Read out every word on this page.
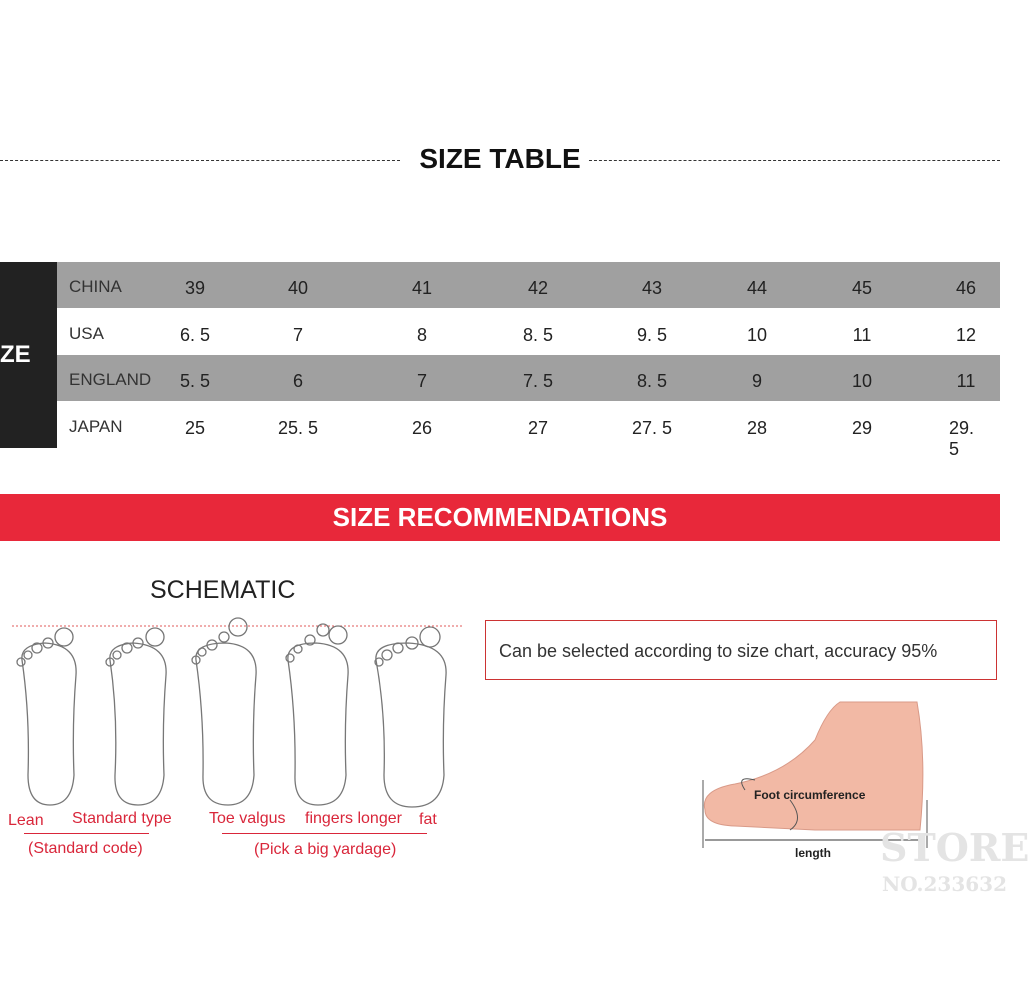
SIZE TABLE
ZE
CHINA	39	40	41	42	43	44	45	46
USA	6. 5	7	8	8. 5	9. 5	10	11	12
ENGLAND 5. 5	6	7	7. 5	8. 5	9	10	11
JAPAN	25	25. 5	26	27	27. 5	28	29	29. 5
SIZE RECOMMENDATIONS
SCHEMATIC
Lean Standard type Toe valgus fingers longer fat
(Standard code)	(Pick a big yardage)
Can be selected according to size chart, accuracy 95%
Foot circumference
length STORE
NO.233632
